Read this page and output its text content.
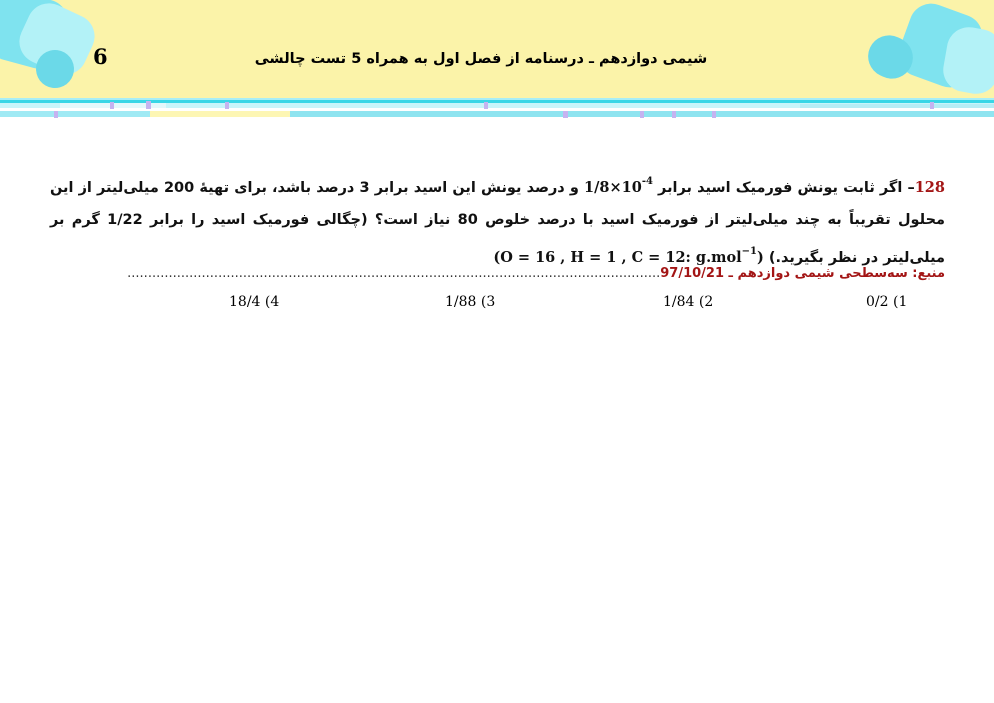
6	شیمی دوازدهم ـ درسنامه از فصل اول به همراه 5 تست چالشی
128– اگر ثابت یونش فورمیک اسید برابر $1/8\times 10^{-4}$ و درصد یونش این اسید برابر 3 درصد باشد، برای تهیهٔ 200 میلی‌لیتر از این محلول تقریباً به چند میلی‌لیتر از فورمیک اسید با درصد خلوص 80 نیاز است؟ (چگالی فورمیک اسید را برابر 1/22 گرم بر میلی‌لیتر در نظر بگیرید.) (O = 16 , H = 1 , C = 12: g.mol$^{-1}$)
منبع: سه‌سطحی شیمی دوازدهم ـ 97/10/21.................................................................................................................................
1) 0/2
2) 1/84
3) 1/88
4) 18/4
